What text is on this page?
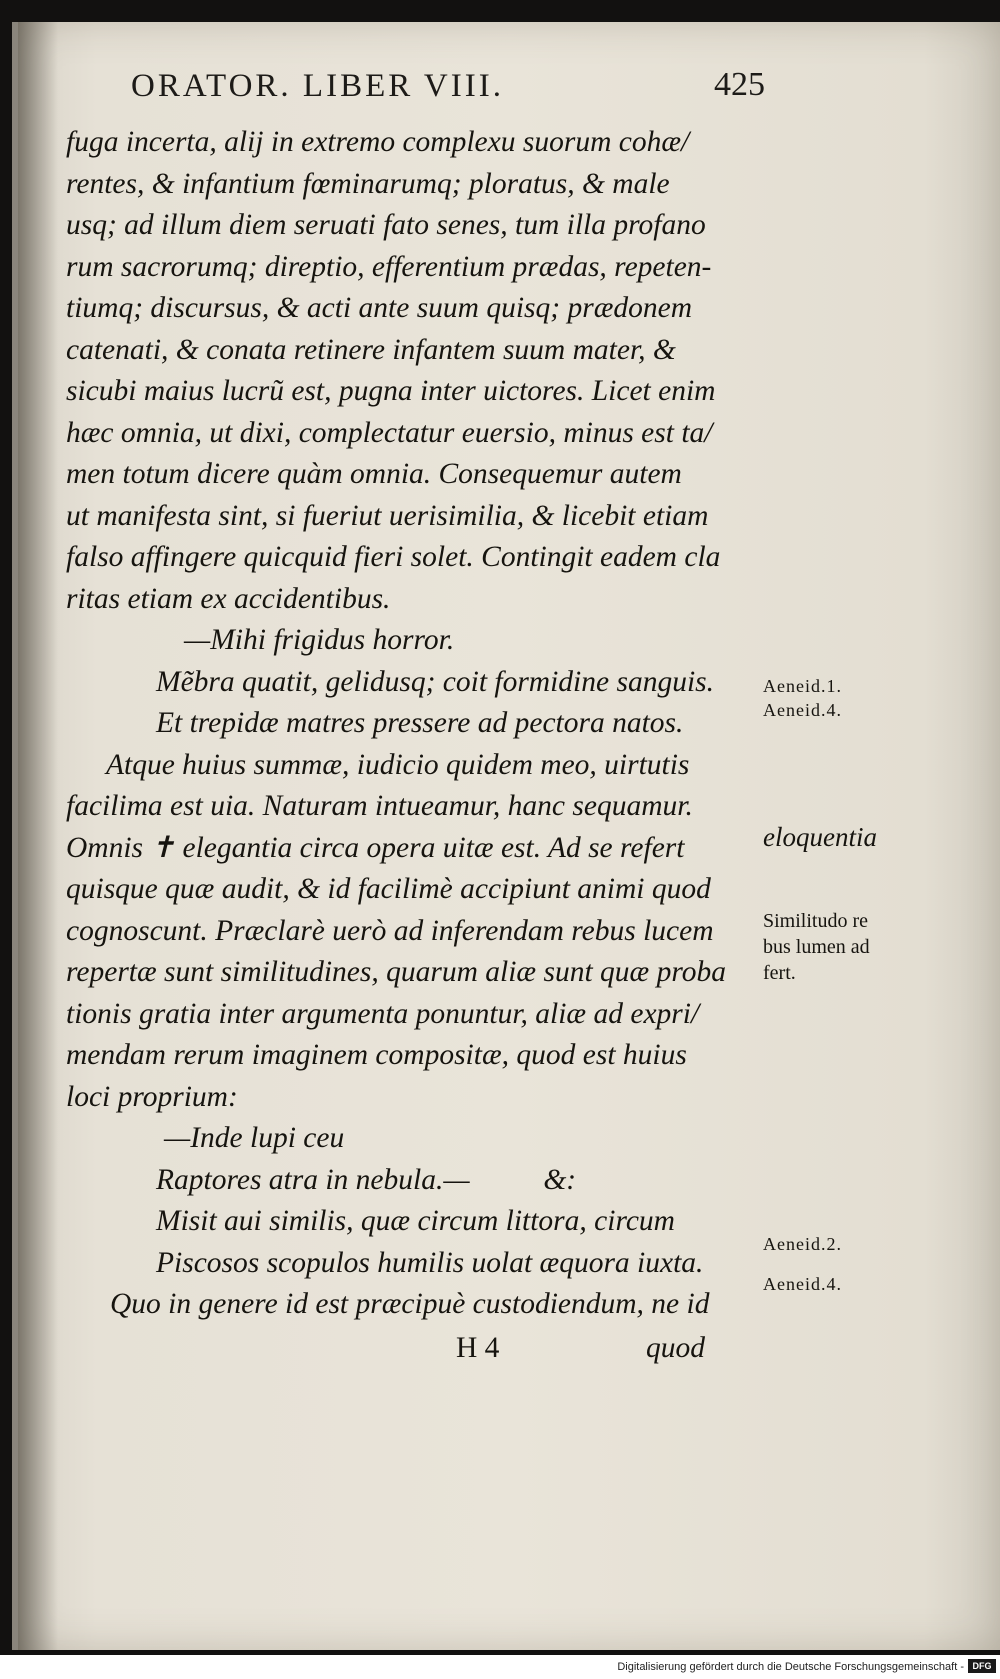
ORATOR. LIBER VIII.	425
fuga incerta, alij in extremo complexu suorum cohæ/
rentes, & infantium fœminarumq; ploratus, & male
usq; ad illum diem seruati fato senes, tum illa profano
rum sacrorumq; direptio, efferentium prædas, repeten-
tiumq; discursus, & acti ante suum quisq; prædonem
catenati, & conata retinere infantem suum mater, &
sicubi maius lucrũ est, pugna inter uictores. Licet enim
hæc omnia, ut dixi, complectatur euersio, minus est ta/
men totum dicere quàm omnia. Consequemur autem
ut manifesta sint, si fueriut uerisimilia, & licebit etiam
falso affingere quicquid fieri solet. Contingit eadem cla
ritas etiam ex accidentibus.
—Mihi frigidus horror.
Mẽbra quatit, gelidusq; coit formidine sanguis.
Et trepidæ matres pressere ad pectora natos.
Atque huius summæ, iudicio quidem meo, uirtutis
facilima est uia. Naturam intueamur, hanc sequamur.
Omnis ✝ elegantia circa opera uitæ est. Ad se refert
quisque quæ audit, & id facilimè accipiunt animi quod
cognoscunt. Præclarè uerò ad inferendam rebus lucem
repertæ sunt similitudines, quarum aliæ sunt quæ proba
tionis gratia inter argumenta ponuntur, aliæ ad expri/
mendam rerum imaginem compositæ, quod est huius
loci proprium:
—Inde lupi ceu
Raptores atra in nebula.—          &:
Misit aui similis, quæ circum littora, circum
Piscosos scopulos humilis uolat æquora iuxta.
Quo in genere id est præcipuè custodiendum, ne id
H 4	quod
Aeneid.1.
Aeneid.4.
eloquentia
Similitudo re
bus lumen ad
fert.
Aeneid.2.
Aeneid.4.
Digitalisierung gefördert durch die Deutsche Forschungsgemeinschaft - DFG
